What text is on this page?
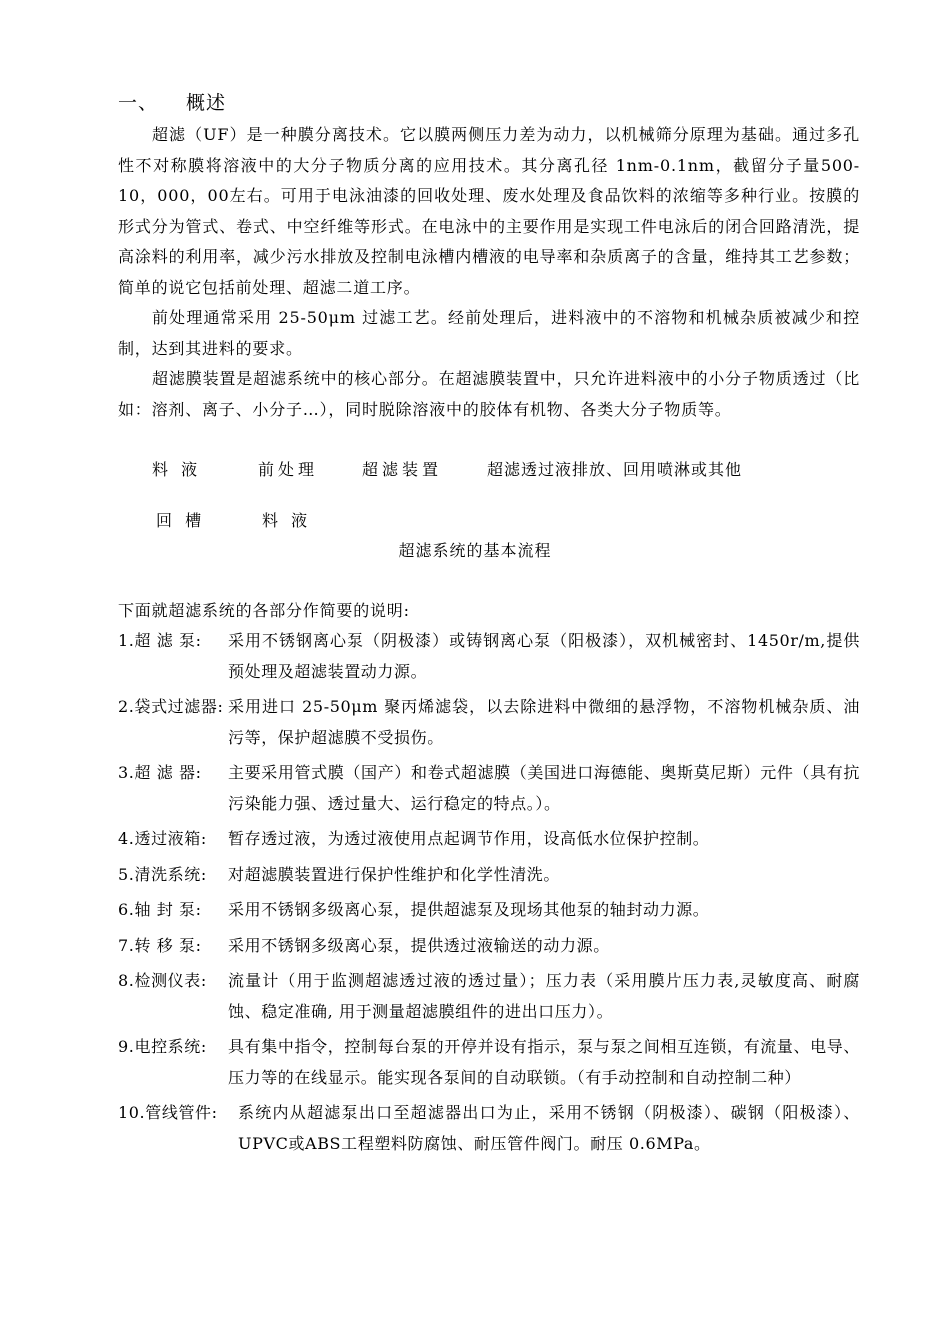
一、 概述

超滤（UF）是一种膜分离技术。它以膜两侧压力差为动力，以机械筛分原理为基础。通过多孔性不对称膜将溶液中的大分子物质分离的应用技术。其分离孔径 1nm-0.1nm，截留分子量500-10，000，00左右。可用于电泳油漆的回收处理、废水处理及食品饮料的浓缩等多种行业。按膜的形式分为管式、卷式、中空纤维等形式。在电泳中的主要作用是实现工件电泳后的闭合回路清洗，提高涂料的利用率，减少污水排放及控制电泳槽内槽液的电导率和杂质离子的含量，维持其工艺参数；简单的说它包括前处理、超滤二道工序。

前处理通常采用 25-50μm 过滤工艺。经前处理后，进料液中的不溶物和机械杂质被减少和控制，达到其进料的要求。

超滤膜装置是超滤系统中的核心部分。在超滤膜装置中，只允许进料液中的小分子物质透过（比如：溶剂、离子、小分子…），同时脱除溶液中的胶体有机物、各类大分子物质等。

料 液	前处理	超滤装置	超滤透过液排放、回用喷淋或其他
回 槽	料 液
超滤系统的基本流程
下面就超滤系统的各部分作简要的说明:
1.超 滤 泵: 采用不锈钢离心泵（阴极漆）或铸钢离心泵（阳极漆），双机械密封、1450r/m,提供预处理及超滤装置动力源。
2.袋式过滤器: 采用进口 25-50μm 聚丙烯滤袋，以去除进料中微细的悬浮物，不溶物机械杂质、油污等，保护超滤膜不受损伤。
3.超 滤 器: 主要采用管式膜（国产）和卷式超滤膜（美国进口海德能、奥斯莫尼斯）元件（具有抗污染能力强、透过量大、运行稳定的特点。）。
4.透过液箱: 暂存透过液，为透过液使用点起调节作用，设高低水位保护控制。
5.清洗系统: 对超滤膜装置进行保护性维护和化学性清洗。
6.轴 封 泵: 采用不锈钢多级离心泵，提供超滤泵及现场其他泵的轴封动力源。
7.转 移 泵: 采用不锈钢多级离心泵，提供透过液输送的动力源。
8.检测仪表: 流量计（用于监测超滤透过液的透过量）；压力表（采用膜片压力表,灵敏度高、耐腐蚀、稳定准确, 用于测量超滤膜组件的进出口压力）。
9.电控系统: 具有集中指令，控制每台泵的开停并设有指示，泵与泵之间相互连锁，有流量、电导、压力等的在线显示。能实现各泵间的自动联锁。（有手动控制和自动控制二种）
10.管线管件: 系统内从超滤泵出口至超滤器出口为止，采用不锈钢（阴极漆）、碳钢（阳极漆）、UPVC或ABS工程塑料防腐蚀、耐压管件阀门。耐压 0.6MPa。
